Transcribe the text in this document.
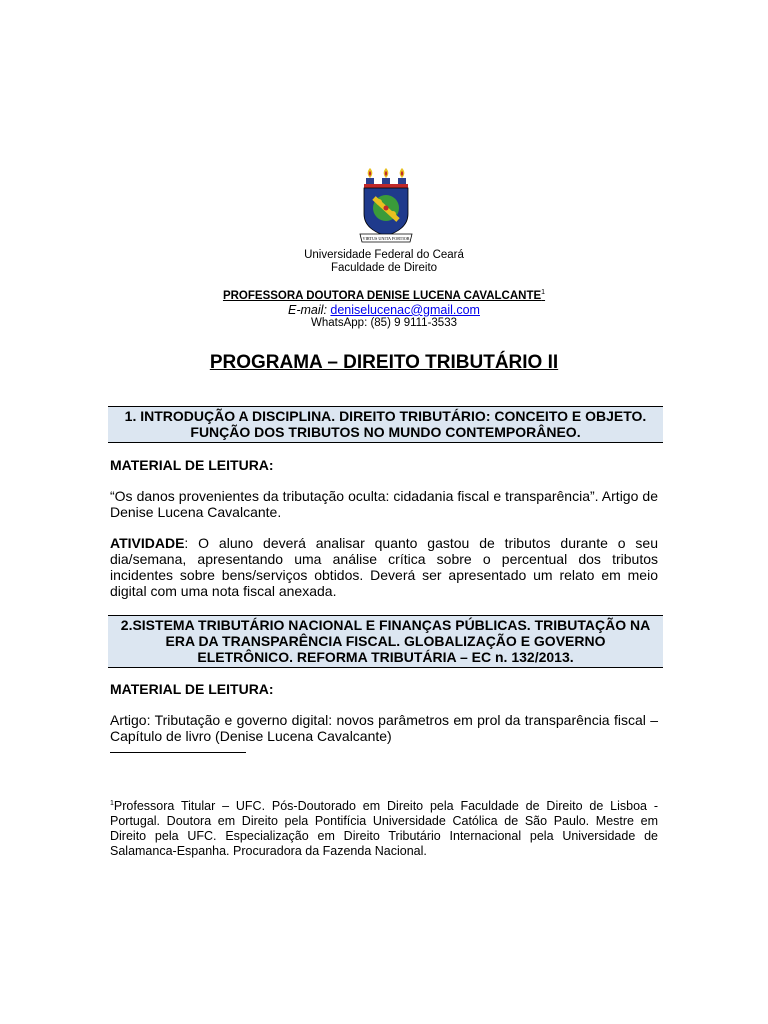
VIRTUS UNITA FORTIOR
Universidade Federal do Ceará
Faculdade de Direito
PROFESSORA DOUTORA DENISE LUCENA CAVALCANTE$^1$
E-mail: deniselucenac@gmail.com
WhatsApp: (85) 9 9111-3533
PROGRAMA – DIREITO TRIBUTÁRIO II
1. INTRODUÇÃO A DISCIPLINA. DIREITO TRIBUTÁRIO: CONCEITO E OBJETO.
FUNÇÃO DOS TRIBUTOS NO MUNDO CONTEMPORÂNEO.
MATERIAL DE LEITURA:
“Os danos provenientes da tributação oculta: cidadania fiscal e transparência”. Artigo de Denise Lucena Cavalcante.
ATIVIDADE: O aluno deverá analisar quanto gastou de tributos durante o seu dia/semana, apresentando uma análise crítica sobre o percentual dos tributos incidentes sobre bens/serviços obtidos. Deverá ser apresentado um relato em meio digital com uma nota fiscal anexada.
2.SISTEMA TRIBUTÁRIO NACIONAL E FINANÇAS PÚBLICAS. TRIBUTAÇÃO NA
ERA DA TRANSPARÊNCIA FISCAL. GLOBALIZAÇÃO E GOVERNO
ELETRÔNICO. REFORMA TRIBUTÁRIA – EC n. 132/2013.
MATERIAL DE LEITURA:
Artigo: Tributação e governo digital: novos parâmetros em prol da transparência fiscal – Capítulo de livro (Denise Lucena Cavalcante)
$^1$Professora Titular – UFC. Pós-Doutorado em Direito pela Faculdade de Direito de Lisboa - Portugal. Doutora em Direito pela Pontifícia Universidade Católica de São Paulo. Mestre em Direito pela UFC. Especialização em Direito Tributário Internacional pela Universidade de Salamanca-Espanha. Procuradora da Fazenda Nacional.
